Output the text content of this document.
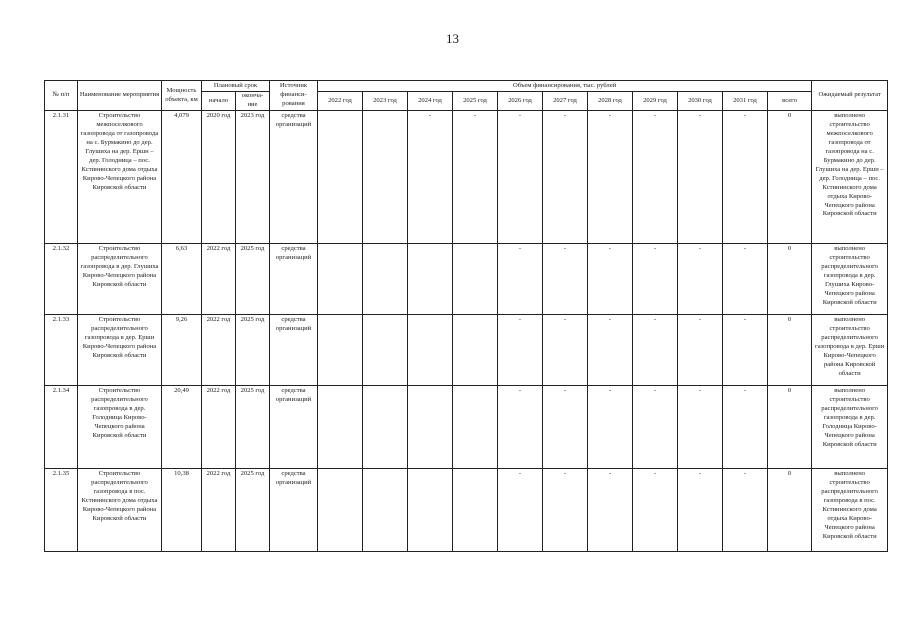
13
№ п/п	Наименование мероприятия	Мощность объекта, км	Плановый срок		Источник финанси-рования	Объем финансирования, тыс. рублей											Ожидаемый результат
			начало	оконча-ние		2022 год	2023 год	2024 год	2025 год	2026 год	2027 год	2028 год	2029 год	2030 год	2031 год	всего	
2.1.31	Строительство межпоселкового газопровода от газопровода на с. Бурмакино до дер. Глушиха на дер. Ершн – дер. Голодница – пос. Кстининского дома отдыха Кирово-Чепецкого района Кировской области	4,079	2020 год	2023 год	средства организаций			-	-	-	-	-	-	-	-	0	выполнено строительство межпоселкового газопровода от газопровода на с. Бурмакино до дер. Глушиха на дер. Ершн – дер. Голодница – пос. Кстининского дома отдыха Кирово-Чепецкого района Кировской области
2.1.32	Строительство распределительного газопровода в дер. Глушиха Кирово-Чепецкого района Кировской области	6,63	2022 год	2025 год	средства организаций					-	-	-	-	-	-	0	выполнено строительство распределительного газопровода в дер. Глушиха Кирово-Чепецкого района Кировской области
2.1.33	Строительство распределительного газопровода в дер. Ерши Кирово-Чепецкого района Кировской области	9,26	2022 год	2025 год	средства организаций					-	-	-	-	-	-	0	выполнено строительство распределительного газопровода в дер. Ерши Кирово-Чепецкого района Кировской области
2.1.34	Строительство распределительного газопровода в дер. Голодница Кирово-Чепецкого района Кировской области	20,49	2022 год	2025 год	средства организаций					-	-	-	-	-	-	0	выполнено строительство распределительного газопровода в дер. Голодница Кирово-Чепецкого района Кировской области
2.1.35	Строительство распределительного газопровода в пос. Кстининского дома отдыха Кирово-Чепецкого района Кировской области	10,38	2022 год	2025 год	средства организаций					-	-	-	-	-	-	0	выполнено строительство распределительного газопровода в пос. Кстининского дома отдыха Кирово-Чепецкого района Кировской области
